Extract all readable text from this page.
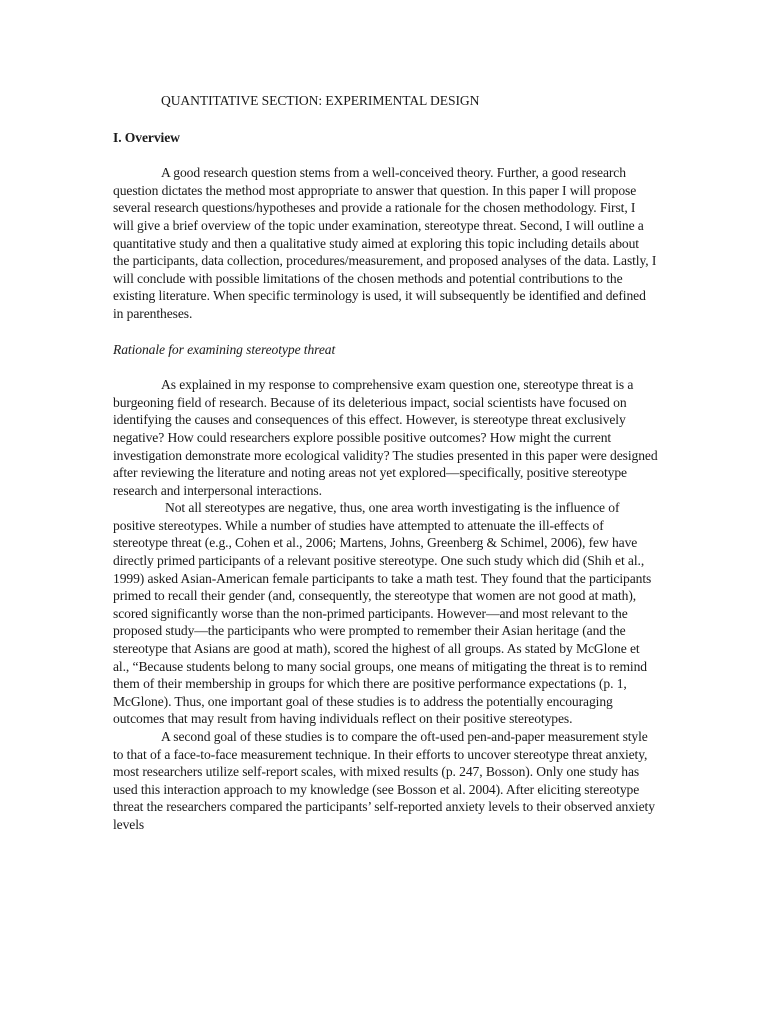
QUANTITATIVE SECTION: EXPERIMENTAL DESIGN
I. Overview

A good research question stems from a well-conceived theory. Further, a good research question dictates the method most appropriate to answer that question. In this paper I will propose several research questions/hypotheses and provide a rationale for the chosen methodology. First, I will give a brief overview of the topic under examination, stereotype threat. Second, I will outline a quantitative study and then a qualitative study aimed at exploring this topic including details about the participants, data collection, procedures/measurement, and proposed analyses of the data. Lastly, I will conclude with possible limitations of the chosen methods and potential contributions to the existing literature. When specific terminology is used, it will subsequently be identified and defined in parentheses.

Rationale for examining stereotype threat

As explained in my response to comprehensive exam question one, stereotype threat is a burgeoning field of research. Because of its deleterious impact, social scientists have focused on identifying the causes and consequences of this effect. However, is stereotype threat exclusively negative? How could researchers explore possible positive outcomes? How might the current investigation demonstrate more ecological validity? The studies presented in this paper were designed after reviewing the literature and noting areas not yet explored—specifically, positive stereotype research and interpersonal interactions.

Not all stereotypes are negative, thus, one area worth investigating is the influence of positive stereotypes. While a number of studies have attempted to attenuate the ill-effects of stereotype threat (e.g., Cohen et al., 2006; Martens, Johns, Greenberg & Schimel, 2006), few have directly primed participants of a relevant positive stereotype. One such study which did (Shih et al., 1999) asked Asian-American female participants to take a math test. They found that the participants primed to recall their gender (and, consequently, the stereotype that women are not good at math), scored significantly worse than the non-primed participants. However—and most relevant to the proposed study—the participants who were prompted to remember their Asian heritage (and the stereotype that Asians are good at math), scored the highest of all groups. As stated by McGlone et al., “Because students belong to many social groups, one means of mitigating the threat is to remind them of their membership in groups for which there are positive performance expectations (p. 1, McGlone). Thus, one important goal of these studies is to address the potentially encouraging outcomes that may result from having individuals reflect on their positive stereotypes.

A second goal of these studies is to compare the oft-used pen-and-paper measurement style to that of a face-to-face measurement technique. In their efforts to uncover stereotype threat anxiety, most researchers utilize self-report scales, with mixed results (p. 247, Bosson). Only one study has used this interaction approach to my knowledge (see Bosson et al. 2004). After eliciting stereotype threat the researchers compared the participants’ self-reported anxiety levels to their observed anxiety levels
